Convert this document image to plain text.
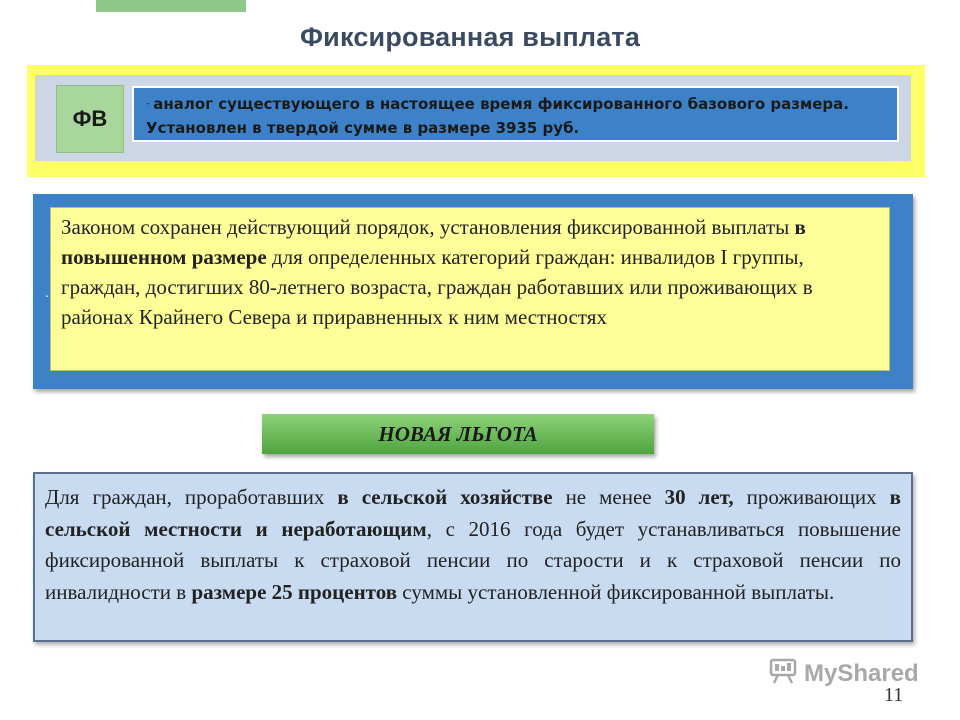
Фиксированная выплата
ФВ
- аналог существующего в настоящее время фиксированного базового размера. Установлен в твердой сумме в размере 3935 руб.
.
Законом сохранен действующий порядок, установления фиксированной выплаты в повышенном размере для определенных категорий граждан: инвалидов I группы, граждан, достигших 80-летнего возраста, граждан работавших или проживающих в районах Крайнего Севера и приравненных к ним местностях
НОВАЯ ЛЬГОТА
Для граждан, проработавших в сельской хозяйстве не менее 30 лет, проживающих в сельской местности и неработающим, с 2016 года будет устанавливаться повышение фиксированной выплаты к страховой пенсии по старости и к страховой пенсии по инвалидности в размере 25 процентов суммы установленной фиксированной выплаты.
MyShared
11
